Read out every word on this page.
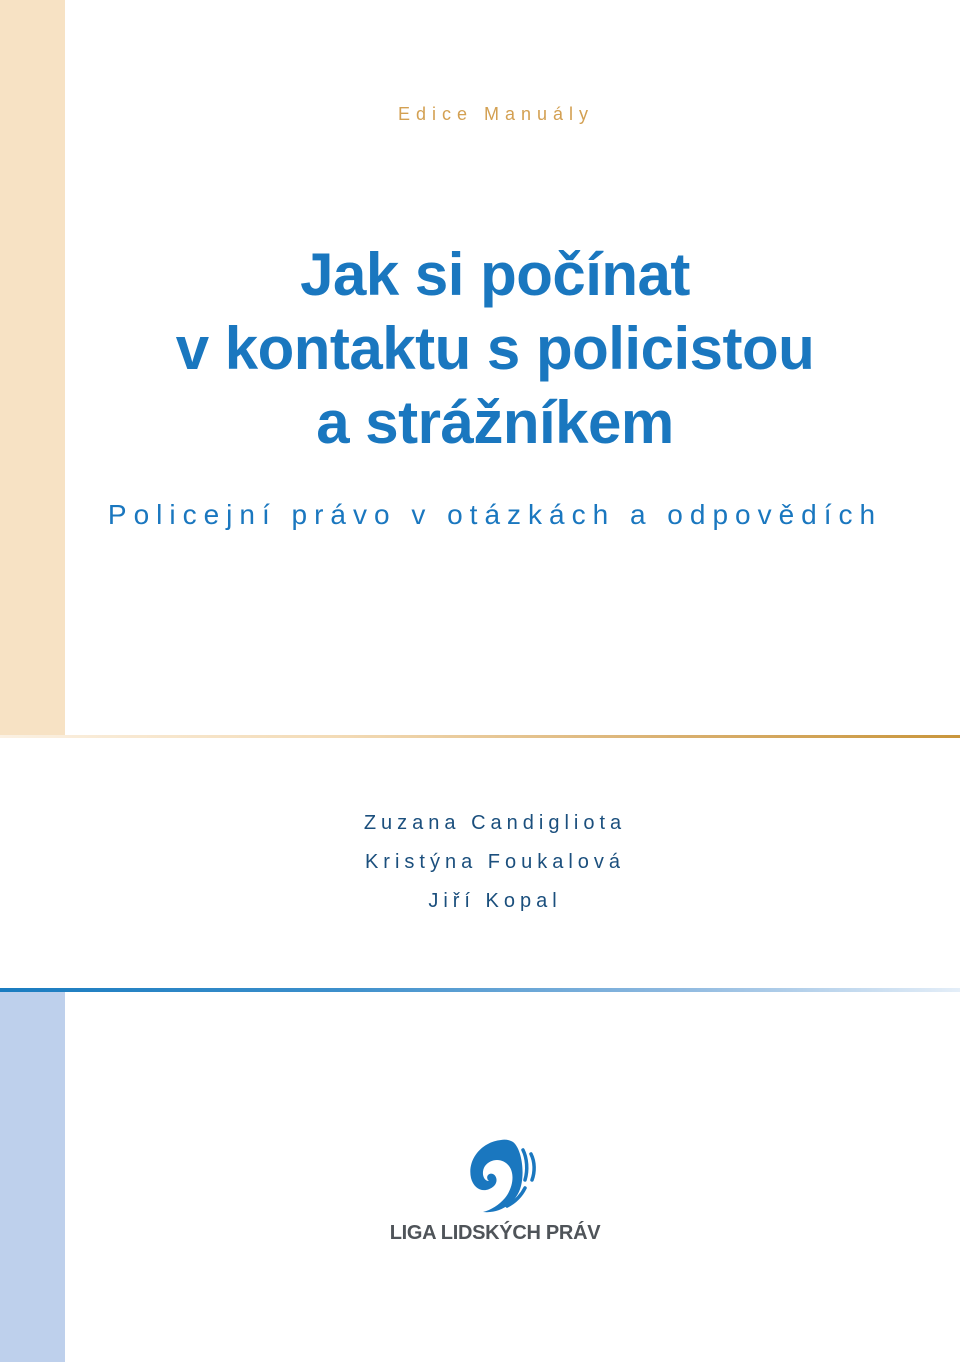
Edice Manuály
Jak si počínat
v kontaktu s policistou
a strážníkem
Policejní právo v otázkách a odpovědích
Zuzana Candigliota
Kristýna Foukalová
Jiří Kopal
LIGA LIDSKÝCH PRÁV
